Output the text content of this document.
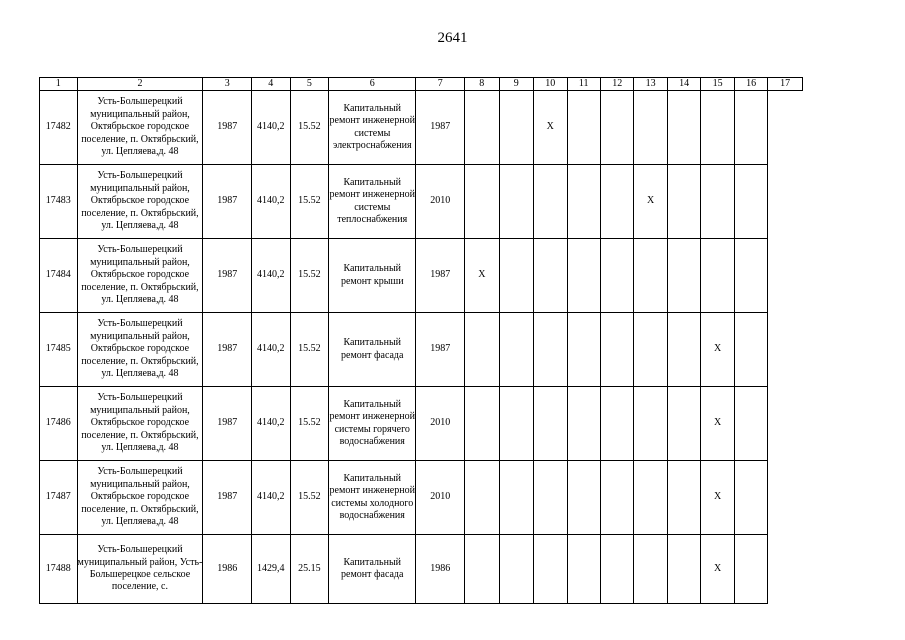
2641
1	2	3	4	5	6	7	8	9	10	11	12	13	14	15	16	17
17482	Усть-Большерецкий муниципальный район, Октябрьское городское поселение, п. Октябрьский, ул. Цепляева,д. 48	1987	4140,2	15.52	Капитальный ремонт инженерной системы электроснабжения	1987			X							
17483	Усть-Большерецкий муниципальный район, Октябрьское городское поселение, п. Октябрьский, ул. Цепляева,д. 48	1987	4140,2	15.52	Капитальный ремонт инженерной системы теплоснабжения	2010						X				
17484	Усть-Большерецкий муниципальный район, Октябрьское городское поселение, п. Октябрьский, ул. Цепляева,д. 48	1987	4140,2	15.52	Капитальный ремонт крыши	1987	X									
17485	Усть-Большерецкий муниципальный район, Октябрьское городское поселение, п. Октябрьский, ул. Цепляева,д. 48	1987	4140,2	15.52	Капитальный ремонт фасада	1987								X		
17486	Усть-Большерецкий муниципальный район, Октябрьское городское поселение, п. Октябрьский, ул. Цепляева,д. 48	1987	4140,2	15.52	Капитальный ремонт инженерной системы горячего водоснабжения	2010								X		
17487	Усть-Большерецкий муниципальный район, Октябрьское городское поселение, п. Октябрьский, ул. Цепляева,д. 48	1987	4140,2	15.52	Капитальный ремонт инженерной системы холодного водоснабжения	2010								X		
17488	Усть-Большерецкий муниципальный район, Усть-Большерецкое сельское поселение, с.	1986	1429,4	25.15	Капитальный ремонт фасада	1986								X		
